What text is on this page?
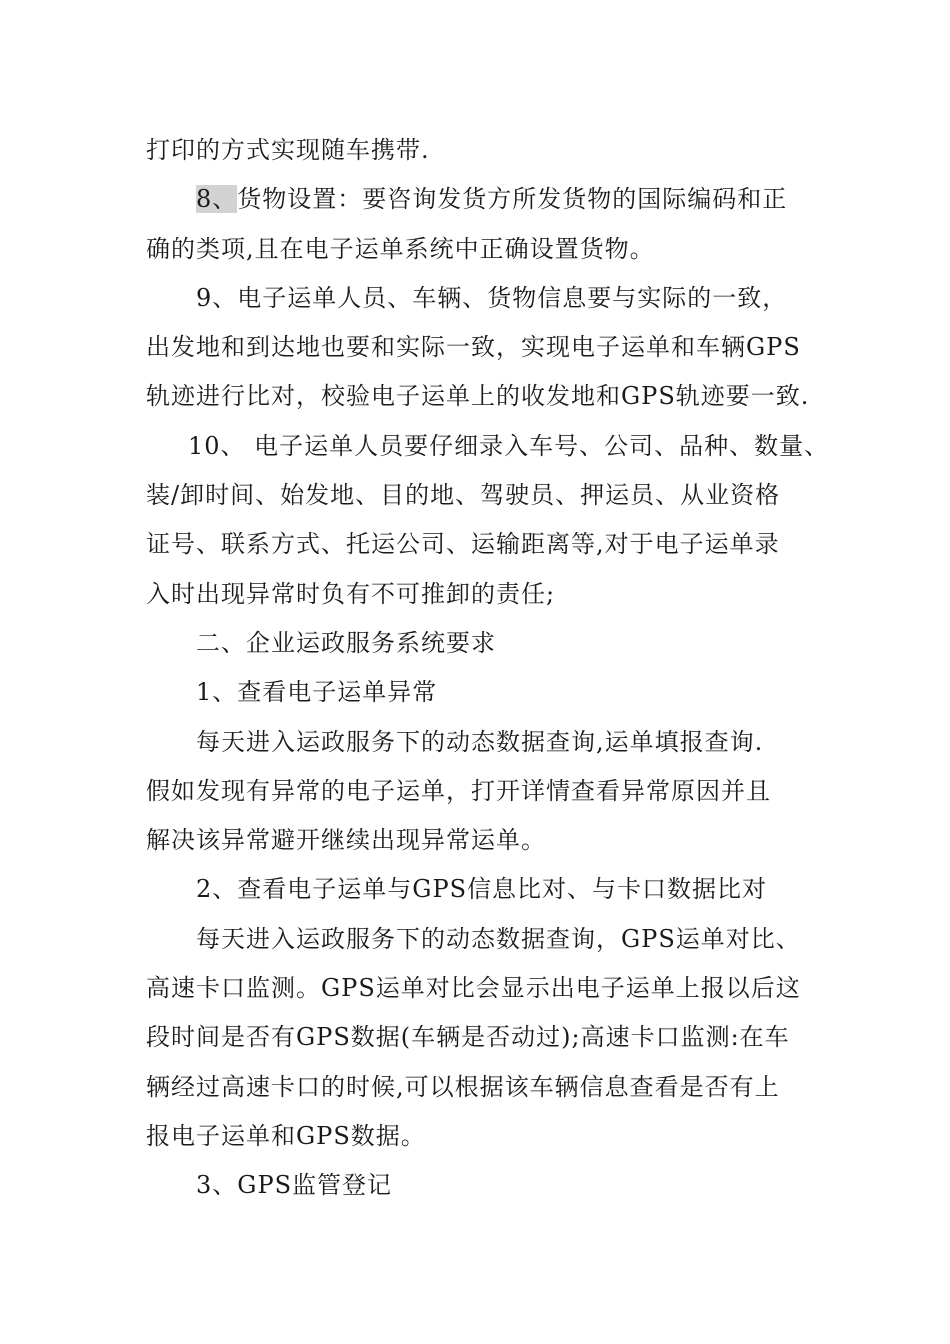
打印的方式实现随车携带.
8、货物设置：要咨询发货方所发货物的国际编码和正
确的类项,且在电子运单系统中正确设置货物。
9、电子运单人员、车辆、货物信息要与实际的一致，
出发地和到达地也要和实际一致，实现电子运单和车辆GPS
轨迹进行比对，校验电子运单上的收发地和GPS轨迹要一致.
10、 电子运单人员要仔细录入车号、公司、品种、数量、
装/卸时间、始发地、目的地、驾驶员、押运员、从业资格
证号、联系方式、托运公司、运输距离等,对于电子运单录
入时出现异常时负有不可推卸的责任;
二、企业运政服务系统要求
1、查看电子运单异常
每天进入运政服务下的动态数据查询,运单填报查询.
假如发现有异常的电子运单，打开详情查看异常原因并且
解决该异常避开继续出现异常运单。
2、查看电子运单与GPS信息比对、与卡口数据比对
每天进入运政服务下的动态数据查询，GPS运单对比、
高速卡口监测。GPS运单对比会显示出电子运单上报以后这
段时间是否有GPS数据(车辆是否动过);高速卡口监测:在车
辆经过高速卡口的时候,可以根据该车辆信息查看是否有上
报电子运单和GPS数据。
3、GPS监管登记
